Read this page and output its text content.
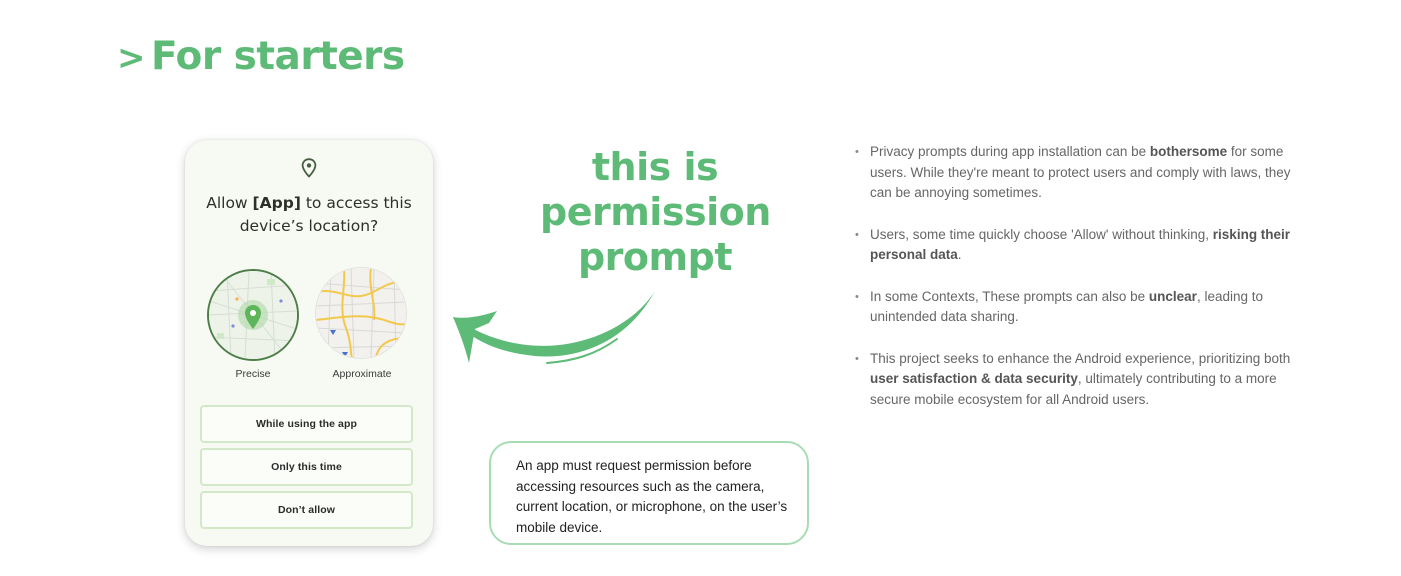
> For starters
Allow [App] to access this device’s location?
Precise	Approximate
While using the app
Only this time
Don’t allow
this is
permission
prompt
An app must request permission before accessing resources such as the camera, current location, or microphone, on the user’s mobile device.
• Privacy prompts during app installation can be bothersome for some users. While they're meant to protect users and comply with laws, they can be annoying sometimes.
• Users, some time quickly choose 'Allow' without thinking, risking their personal data.
• In some Contexts, These prompts can also be unclear, leading to unintended data sharing.
• This project seeks to enhance the Android experience, prioritizing both user satisfaction & data security, ultimately contributing to a more secure mobile ecosystem for all Android users.
